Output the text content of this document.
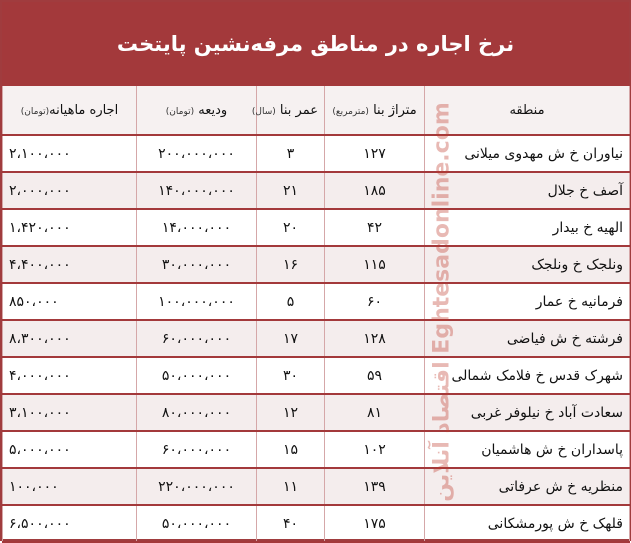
نرخ اجاره در مناطق مرفه‌نشین پایتخت
منطقه	متراژ بنا (مترمربع)	عمر بنا (سال)	ودیعه (تومان)	اجاره ماهیانه(تومان)
نیاوران خ ش مهدوی میلانی	۱۲۷	۳	۲۰۰،۰۰۰،۰۰۰	۲،۱۰۰،۰۰۰
آصف خ جلال	۱۸۵	۲۱	۱۴۰،۰۰۰،۰۰۰	۲،۰۰۰،۰۰۰
الهیه خ بیدار	۴۲	۲۰	۱۴،۰۰۰،۰۰۰	۱،۴۲۰،۰۰۰
ونلجک خ ونلجک	۱۱۵	۱۶	۳۰،۰۰۰،۰۰۰	۴،۴۰۰،۰۰۰
فرمانیه خ عمار	۶۰	۵	۱۰۰،۰۰۰،۰۰۰	۸۵۰،۰۰۰
فرشته خ ش فیاضی	۱۲۸	۱۷	۶۰،۰۰۰،۰۰۰	۸،۳۰۰،۰۰۰
شهرک قدس خ فلامک شمالی	۵۹	۳۰	۵۰،۰۰۰،۰۰۰	۴،۰۰۰،۰۰۰
سعادت آباد خ نیلوفر غربی	۸۱	۱۲	۸۰،۰۰۰،۰۰۰	۳،۱۰۰،۰۰۰
پاسداران خ ش هاشمیان	۱۰۲	۱۵	۶۰،۰۰۰،۰۰۰	۵،۰۰۰،۰۰۰
منظریه خ ش عرفاتی	۱۳۹	۱۱	۲۲۰،۰۰۰،۰۰۰	۱۰۰،۰۰۰
قلهک خ ش پورمشکانی	۱۷۵	۴۰	۵۰،۰۰۰،۰۰۰	۶،۵۰۰،۰۰۰
اقتصاد آنلاین Eghtesadonline.com
